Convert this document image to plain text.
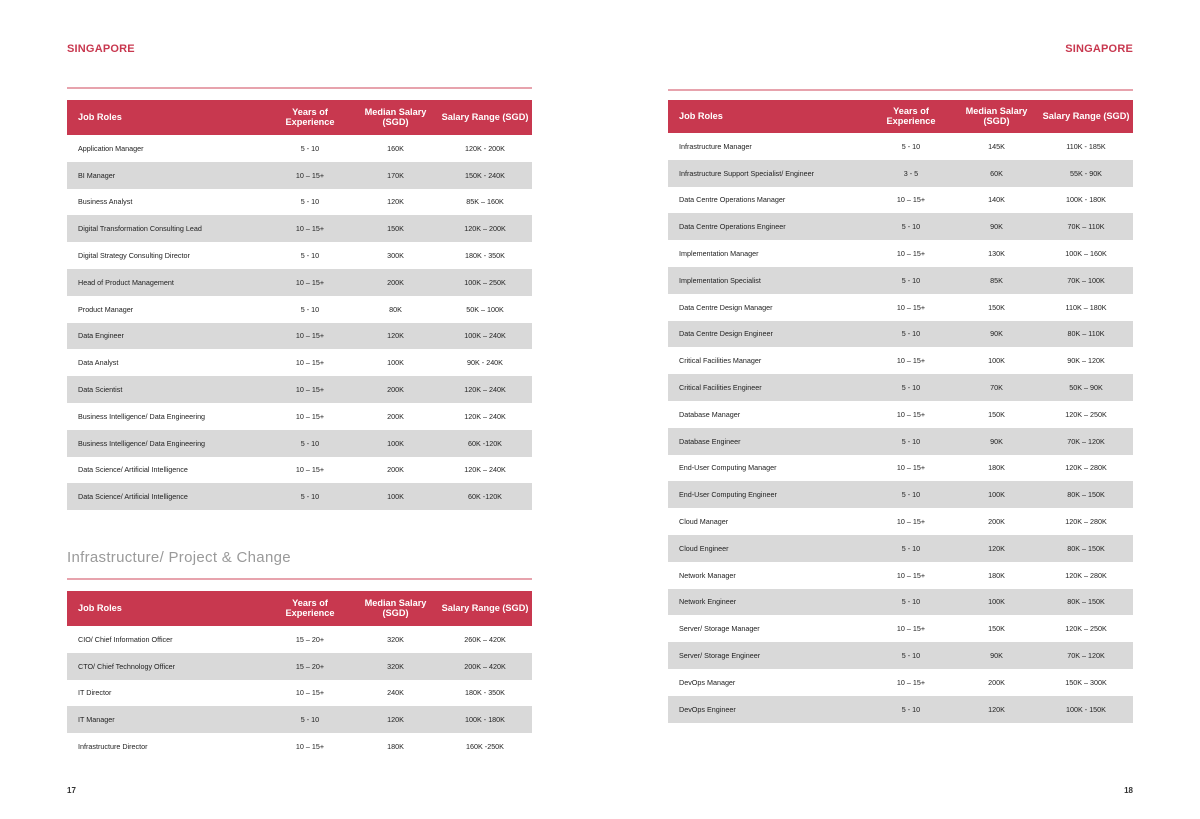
SINGAPORE
Job Roles	Years of Experience	Median Salary (SGD)	Salary Range (SGD)
Application Manager	5 - 10	160K	120K - 200K
BI Manager	10 – 15+	170K	150K - 240K
Business Analyst	5 - 10	120K	85K – 160K
Digital Transformation Consulting Lead	10 – 15+	150K	120K – 200K
Digital Strategy Consulting Director	5 - 10	300K	180K - 350K
Head of Product Management	10 – 15+	200K	100K – 250K
Product Manager	5 - 10	80K	50K – 100K
Data Engineer	10 – 15+	120K	100K – 240K
Data Analyst	10 – 15+	100K	90K - 240K
Data Scientist	10 – 15+	200K	120K – 240K
Business Intelligence/ Data Engineering	10 – 15+	200K	120K – 240K
Business Intelligence/ Data Engineering	5 - 10	100K	60K -120K
Data Science/ Artificial Intelligence	10 – 15+	200K	120K – 240K
Data Science/ Artificial Intelligence	5 - 10	100K	60K -120K
Infrastructure/ Project & Change
Job Roles	Years of Experience	Median Salary (SGD)	Salary Range (SGD)
CIO/ Chief Information Officer	15 – 20+	320K	260K – 420K
CTO/ Chief Technology Officer	15 – 20+	320K	200K – 420K
IT Director	10 – 15+	240K	180K - 350K
IT Manager	5 - 10	120K	100K - 180K
Infrastructure Director	10 – 15+	180K	160K -250K
17
SINGAPORE
Job Roles	Years of Experience	Median Salary (SGD)	Salary Range (SGD)
Infrastructure Manager	5 - 10	145K	110K - 185K
Infrastructure Support Specialist/ Engineer	3 - 5	60K	55K - 90K
Data Centre Operations Manager	10 – 15+	140K	100K - 180K
Data Centre Operations Engineer	5 - 10	90K	70K – 110K
Implementation Manager	10 – 15+	130K	100K – 160K
Implementation Specialist	5 - 10	85K	70K – 100K
Data Centre Design Manager	10 – 15+	150K	110K – 180K
Data Centre Design Engineer	5 - 10	90K	80K – 110K
Critical Facilities Manager	10 – 15+	100K	90K – 120K
Critical Facilities Engineer	5 - 10	70K	50K – 90K
Database Manager	10 – 15+	150K	120K – 250K
Database Engineer	5 - 10	90K	70K – 120K
End-User Computing Manager	10 – 15+	180K	120K – 280K
End-User Computing Engineer	5 - 10	100K	80K – 150K
Cloud Manager	10 – 15+	200K	120K – 280K
Cloud Engineer	5 - 10	120K	80K – 150K
Network Manager	10 – 15+	180K	120K – 280K
Network Engineer	5 - 10	100K	80K – 150K
Server/ Storage Manager	10 – 15+	150K	120K – 250K
Server/ Storage Engineer	5 - 10	90K	70K – 120K
DevOps Manager	10 – 15+	200K	150K – 300K
DevOps Engineer	5 - 10	120K	100K - 150K
18
